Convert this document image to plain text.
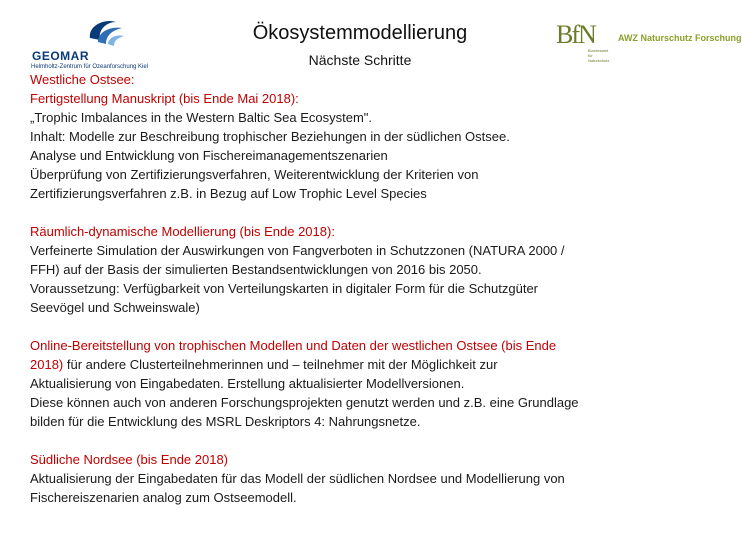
GEOMAR
Helmholtz-Zentrum für Ozeanforschung Kiel
Ökosystemmodellierung
Nächste Schritte
BfN
Bundesamt für Naturschutz
AWZ Naturschutz Forschung
Westliche Ostsee:
Fertigstellung Manuskript (bis Ende Mai 2018):
„Trophic Imbalances in the Western Baltic Sea Ecosystem".
Inhalt: Modelle zur Beschreibung trophischer Beziehungen in der südlichen Ostsee.
Analyse und Entwicklung von Fischereimanagementszenarien
Überprüfung von Zertifizierungsverfahren, Weiterentwicklung der Kriterien von
Zertifizierungsverfahren z.B. in Bezug auf Low Trophic Level Species
Räumlich-dynamische Modellierung (bis Ende 2018):
Verfeinerte Simulation der Auswirkungen von Fangverboten in Schutzzonen (NATURA 2000 /
FFH) auf der Basis der simulierten Bestandsentwicklungen von 2016 bis 2050.
Voraussetzung: Verfügbarkeit von Verteilungskarten in digitaler Form für die Schutzgüter
Seevögel und Schweinswale)
Online-Bereitstellung von trophischen Modellen und Daten der westlichen Ostsee (bis Ende
2018) für andere Clusterteilnehmerinnen und – teilnehmer mit der Möglichkeit zur
Aktualisierung von Eingabedaten. Erstellung aktualisierter Modellversionen.
Diese können auch von anderen Forschungsprojekten genutzt werden und z.B. eine Grundlage
bilden für die Entwicklung des MSRL Deskriptors 4: Nahrungsnetze.
Südliche Nordsee (bis Ende 2018)
Aktualisierung der Eingabedaten für das Modell der südlichen Nordsee und Modellierung von
Fischereiszenarien analog zum Ostseemodell.
